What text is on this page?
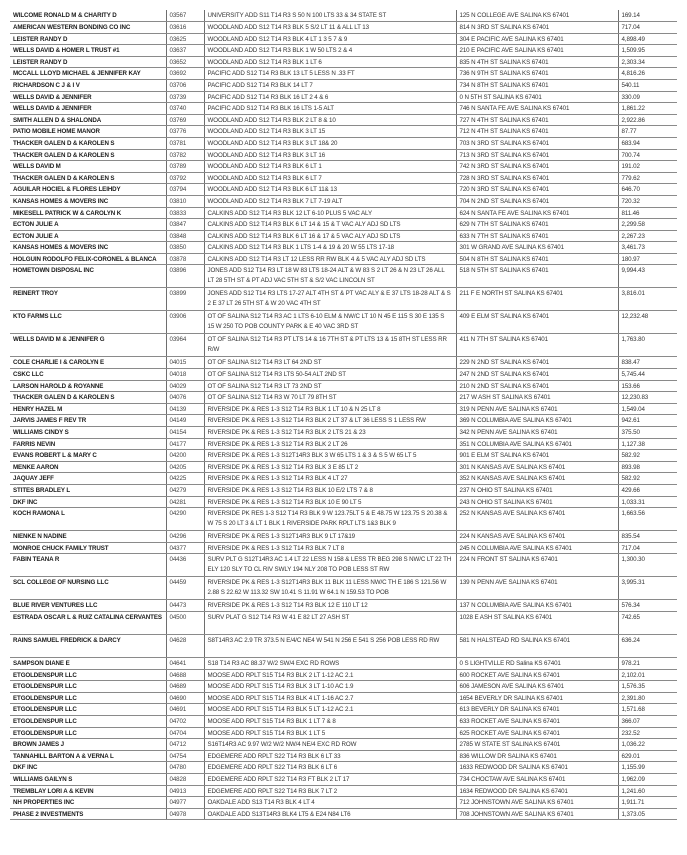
WILCOME RONALD M & CHARITY D	03567	UNIVERSITY ADD S11 T14 R3 S 50 N 100 LTS 33 & 34 STATE ST	125 N COLLEGE AVE SALINA KS 67401	169.14
AMERICAN WESTERN BONDING CO INC	03616	WOODLAND ADD S12 T14 R3 BLK 5 S/2 LT 11 & ALL LT 13	814 N 3RD ST SALINA KS 67401	717.04
LEISTER RANDY D	03625	WOODLAND ADD S12 T14 R3 BLK 4 LT 1 3 5 7 & 9	304 E PACIFIC AVE SALINA KS 67401	4,898.49
WELLS DAVID & HOMER L TRUST #1	03637	WOODLAND ADD S12 T14 R3 BLK 1 W 50 LTS 2 & 4	210 E PACIFIC AVE SALINA KS 67401	1,509.95
LEISTER RANDY D	03652	WOODLAND ADD S12 T14 R3 BLK 1 LT 6	835 N 4TH ST SALINA KS 67401	2,303.34
MCCALL LLOYD MICHAEL & JENNIFER KAY	03692	PACIFIC ADD S12 T14 R3 BLK 13 LT 5 LESS N .33 FT	736 N 9TH ST SALINA KS 67401	4,816.26
RICHARDSON C J & I V	03706	PACIFIC ADD S12 T14 R3 BLK 14 LT 7	734 N 8TH ST SALINA KS 67401	540.11
WELLS DAVID & JENNIFER	03739	PACIFIC ADD S12 T14 R3 BLK 16 LT 2 4 & 6	0 N 5TH ST SALINA KS 67401	330.09
WELLS DAVID & JENNIFER	03740	PACIFIC ADD S12 T14 R3 BLK 16 LTS 1-5 ALT	746 N SANTA FE AVE SALINA KS 67401	1,861.22
SMITH ALLEN D & SHALONDA	03769	WOODLAND ADD S12 T14 R3 BLK 2 LT 8 & 10	727 N 4TH ST SALINA KS 67401	2,922.86
PATIO MOBILE HOME MANOR	03776	WOODLAND ADD S12 T14 R3 BLK 3 LT 15	712 N 4TH ST SALINA KS 67401	87.77
THACKER GALEN D & KAROLEN S	03781	WOODLAND ADD S12 T14 R3 BLK 3 LT 18& 20	703 N 3RD ST SALINA KS 67401	683.94
THACKER GALEN D & KAROLEN S	03782	WOODLAND ADD S12 T14 R3 BLK 3 LT 16	713 N 3RD ST SALINA KS 67401	700.74
WELLS DAVID M	03789	WOODLAND ADD S12 T14 R3 BLK 6 LT 1	742 N 3RD ST SALINA KS 67401	191.02
THACKER GALEN D & KAROLEN S	03792	WOODLAND ADD S12 T14 R3 BLK 6 LT 7	728 N 3RD ST SALINA KS 67401	779.62
AGUILAR HOCIEL & FLORES LEIHDY	03794	WOODLAND ADD S12 T14 R3 BLK 6 LT 11& 13	720 N 3RD ST SALINA KS 67401	646.70
KANSAS HOMES & MOVERS INC	03810	WOODLAND ADD S12 T14 R3 BLK 7 LT 7-19 ALT	704 N 2ND ST SALINA KS 67401	720.32
MIKESELL PATRICK W & CAROLYN K	03833	CALKINS ADD S12 T14 R3 BLK 12 LT 6-10 PLUS 5 VAC ALY	624 N SANTA FE AVE SALINA KS 67401	811.46
ECTON JULIE A	03847	CALKINS ADD S12 T14 R3 BLK 6 LT 14 & 15 & T VAC ALY ADJ SD LTS	629 N 7TH ST SALINA KS 67401	2,299.58
ECTON JULIE A	03848	CALKINS ADD S12 T14 R3 BLK 6 LT 16 & 17 & 5 VAC ALY ADJ SD LTS	633 N 7TH ST SALINA KS 67401	2,267.23
KANSAS HOMES & MOVERS INC	03850	CALKINS ADD S12 T14 R3 BLK 1 LTS 1-4 & 19 & 20 W 55 LTS 17-18	301 W GRAND AVE SALINA KS 67401	3,461.73
HOLGUIN RODOLFO FELIX-CORONEL & BLANCA	03878	CALKINS ADD S12 T14 R3 LT 12 LESS RR RW BLK 4 & 5 VAC ALY ADJ SD LTS	504 N 8TH ST SALINA KS 67401	180.97
HOMETOWN DISPOSAL INC	03896	JONES ADD S12 T14 R3 LT 18 W 83 LTS 18-24 ALT & W 83 S 2 LT 26 & N 23 LT 26 ALL LT 28 5TH ST & PT ADJ VAC 5TH ST & S/2 VAC LINCOLN ST	518 N 5TH ST SALINA KS 67401	9,994.43
REINERT TROY	03899	JONES ADD S12 T14 R3 LTS 17-27 ALT 4TH ST & PT VAC ALY & E 37 LTS 18-28 ALT & S 2 E 37 LT 26 5TH ST & W 20 VAC 4TH ST	211 F E NORTH ST SALINA KS 67401	3,816.01
KTO FARMS LLC	03906	OT OF SALINA S12 T14 R3 AC 1 LTS 6-10 ELM & NW/C LT 10 N 45 E 115 S 30 E 135 S 15 W 250 TO POB COUNTY PARK & E 40 VAC 3RD ST	409 E ELM ST SALINA KS 67401	12,232.48
WELLS DAVID M & JENNIFER G	03964	OT OF SALINA S12 T14 R3 PT LTS 14 & 16 7TH ST & PT LTS 13 & 15 8TH ST LESS RR R/W	411 N 7TH ST SALINA KS 67401	1,763.80
COLE CHARLIE I & CAROLYN E	04015	OT OF SALINA S12 T14 R3 LT 64 2ND ST	229 N 2ND ST SALINA KS 67401	838.47
CSKC LLC	04018	OT OF SALINA S12 T14 R3 LTS 50-54 ALT 2ND ST	247 N 2ND ST SALINA KS 67401	5,745.44
LARSON HAROLD & ROYANNE	04029	OT OF SALINA S12 T14 R3 LT 73 2ND ST	210 N 2ND ST SALINA KS 67401	153.66
THACKER GALEN D & KAROLEN S	04076	OT OF SALINA S12 T14 R3 W 70 LT 79 8TH ST	217 W ASH ST SALINA KS 67401	12,230.83
HENRY HAZEL M	04139	RIVERSIDE PK & RES 1-3 S12 T14 R3 BLK 1 LT 10 & N 25 LT 8	319 N PENN AVE SALINA KS 67401	1,549.04
JARVIS JAMES F REV TR	04149	RIVERSIDE PK & RES 1-3 S12 T14 R3 BLK 2 LT 37 & LT 36 LESS S 1 LESS RW	369 N COLUMBIA AVE SALINA KS 67401	942.61
WILLIAMS CINDY S	04154	RIVERSIDE PK & RES 1-3 S12 T14 R3 BLK 2 LTS 21 & 23	342 N PENN AVE SALINA KS 67401	375.50
FARRIS NEVIN	04177	RIVERSIDE PK & RES 1-3 S12 T14 R3 BLK 2 LT 26	351 N COLUMBIA AVE SALINA KS 67401	1,127.38
EVANS ROBERT L & MARY C	04200	RIVERSIDE PK & RES 1-3 S12T14R3 BLK 3 W 65 LTS 1 & 3 & S 5 W 65 LT 5	901 E ELM ST SALINA KS 67401	582.92
MENKE AARON	04205	RIVERSIDE PK & RES 1-3 S12 T14 R3 BLK 3 E 85 LT 2	301 N KANSAS AVE SALINA KS 67401	893.98
JAQUAY JEFF	04225	RIVERSIDE PK & RES 1-3 S12 T14 R3 BLK 4 LT 27	352 N KANSAS AVE SALINA KS 67401	582.92
STITES BRADLEY L	04279	RIVERSIDE PK & RES 1-3 S12 T14 R3 BLK 10 E/2 LTS 7 & 8	237 N OHIO ST SALINA KS 67401	429.66
DKF INC	04281	RIVERSIDE PK & RES 1-3 S12 T14 R3 BLK 10 E 90 LT 5	243 N OHIO ST SALINA KS 67401	1,033.31
KOCH RAMONA L	04290	RIVERSIDE PK RES 1-3 S12 T14 R3 BLK 9 W 123.75LT 5 & E 48.75 W 123.75 S 20.38 & W 75 S 20 LT 3 & LT 1 BLK 1 RIVERSIDE PARK RPLT LTS 1&3 BLK 9	252 N KANSAS AVE SALINA KS 67401	1,663.56
NIENKE N NADINE	04296	RIVERSIDE PK & RES 1-3 S12T14R3 BLK 9 LT 17&19	224 N KANSAS AVE SALINA KS 67401	835.54
MONROE CHUCK FAMILY TRUST	04377	RIVERSIDE PK & RES 1-3 S12 T14 R3 BLK 7 LT 8	245 N COLUMBIA AVE SALINA KS 67401	717.04
FABIN TEANA R	04436	SURV PLT G S12T14R3 AC 1.4 LT 22 LESS N 158 & LESS TR BEG 298 S NW/C LT 22 TH ELY 120 SLY TO CL RIV SWLY 194 NLY 208 TO POB LESS ST RW	224 N FRONT ST SALINA KS 67401	1,300.30
SCL COLLEGE OF NURSING LLC	04459	RIVERSIDE PK & RES 1-3 S12T14R3 BLK 11 BLK 11 LESS NW/C TH E 186 S 121.56 W 2.88 S 22.62 W 113.32 SW 10.41 S 11.91 W 64.1 N 159.53 TO POB	139 N PENN AVE SALINA KS 67401	3,995.31
BLUE RIVER VENTURES LLC	04473	RIVERSIDE PK & RES 1-3 S12 T14 R3 BLK 12 E 110 LT 12	137 N COLUMBIA AVE SALINA KS 67401	576.34
ESTRADA OSCAR L & RUIZ CATALINA CERVANTES	04500	SURV PLAT G S12 T14 R3 W 41 E 82 LT 27 ASH ST	1028 E ASH ST SALINA KS 67401	742.65
RAINS SAMUEL FREDRICK & DARCY	04628	S8T14R3 AC 2.9 TR 373.5 N E/4/C NE4 W 541 N 256 E 541 S 256 POB LESS RD RW	581 N HALSTEAD RD SALINA KS 67401	636.24
SAMPSON DIANE E	04641	S18 T14 R3 AC 88.37 W/2 SW/4 EXC RD ROWS	0 S LIGHTVILLE RD Salina KS 67401	978.21
ETGOLDENSPUR LLC	04688	MOOSE ADD RPLT S15 T14 R3 BLK 2 LT 1-12 AC 2.1	600 ROCKET AVE SALINA KS 67401	2,102.01
ETGOLDENSPUR LLC	04689	MOOSE ADD RPLT S15 T14 R3 BLK 3 LT 1-10 AC 1.9	606 JAMESON AVE SALINA KS 67401	1,576.35
ETGOLDENSPUR LLC	04690	MOOSE ADD RPLT S15 T14 R3 BLK 4 LT 1-16 AC 2.7	1654 BEVERLY DR SALINA KS 67401	2,391.80
ETGOLDENSPUR LLC	04691	MOOSE ADD RPLT S15 T14 R3 BLK 5 LT 1-12 AC 2.1	613 BEVERLY DR SALINA KS 67401	1,571.68
ETGOLDENSPUR LLC	04702	MOOSE ADD RPLT S15 T14 R3 BLK 1 LT 7 & 8	633 ROCKET AVE SALINA KS 67401	366.07
ETGOLDENSPUR LLC	04704	MOOSE ADD RPLT S15 T14 R3 BLK 1 LT 5	625 ROCKET AVE SALINA KS 67401	232.52
BROWN JAMES J	04712	S16T14R3 AC 9.97 W/2 W/2 NW/4 NE/4 EXC RD ROW	2785 W STATE ST SALINA KS 67401	1,036.22
TANNAHILL BARTON A & VERNA L	04754	EDGEMERE ADD RPLT S22 T14 R3 BLK 6 LT 33	836 WILLOW DR SALINA KS 67401	629.01
DKF INC	04780	EDGEMERE ADD RPLT S22 T14 R3 BLK 6 LT 6	1633 REDWOOD DR SALINA KS 67401	1,155.99
WILLIAMS GAILYN S	04828	EDGEMERE ADD RPLT S22 T14 R3 FT BLK 2 LT 17	734 CHOCTAW AVE SALINA KS 67401	1,962.09
TREMBLAY LORI A & KEVIN	04913	EDGEMERE ADD RPLT S22 T14 R3 BLK 7 LT 2	1634 REDWOOD DR SALINA KS 67401	1,241.60
NH PROPERTIES INC	04977	OAKDALE ADD S13 T14 R3 BLK 4 LT 4	712 JOHNSTOWN AVE SALINA KS 67401	1,911.71
PHASE 2 INVESTMENTS	04978	OAKDALE ADD S13T14R3 BLK4 LT5 & E24 N84 LT6	708 JOHNSTOWN AVE SALINA KS 67401	1,373.05
